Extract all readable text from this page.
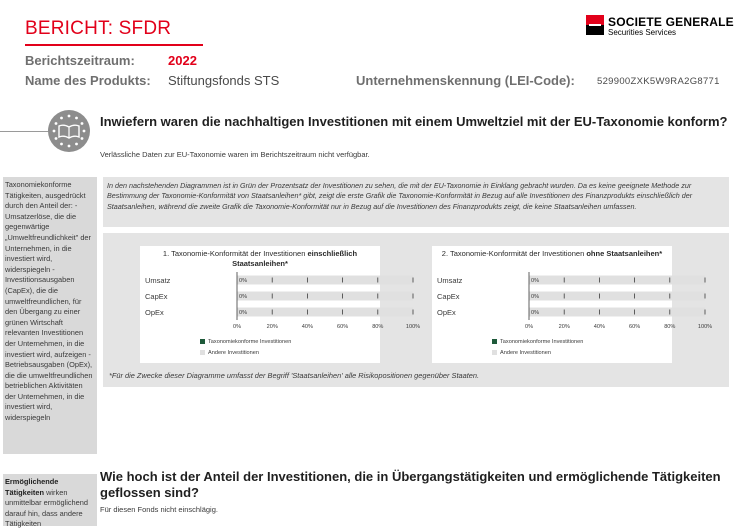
BERICHT: SFDR	SOCIETE GENERALE
Securities Services
Berichtszeitraum:	2022
Name des Produkts: Stiftungsfonds STS	Unternehmenskennung (LEI-Code): 529900ZXK5W9RA2G8771
Inwiefern waren die nachhaltigen Investitionen mit einem Umweltziel mit der EU-Taxonomie konform?
Verlässliche Daten zur EU-Taxonomie waren im Berichtszeitraum nicht verfügbar.
Taxonomiekonforme Tätigkeiten, ausgedrückt durch den Anteil der: - Umsatzerlöse, die die gegenwärtige „Umweltfreundlichkeit" der Unternehmen, in die investiert wird, widerspiegeln - Investitionsausgaben (CapEx), die die umweltfreundlichen, für den Übergang zu einer grünen Wirtschaft relevanten Investitionen der Unternehmen, in die investiert wird, aufzeigen - Betriebsausgaben (OpEx), die die umweltfreundlichen betrieblichen Aktivitäten der Unternehmen, in die investiert wird, widerspiegeln
In den nachstehenden Diagrammen ist in Grün der Prozentsatz der Investitionen zu sehen, die mit der EU-Taxonomie in Einklang gebracht wurden. Da es keine geeignete Methode zur Bestimmung der Taxonomie-Konformität von Staatsanleihen* gibt, zeigt die erste Grafik die Taxonomie-Konformität in Bezug auf alle Investitionen des Finanzprodukts einschließlich der Staatsanleihen, während die zweite Grafik die Taxonomie-Konformität nur in Bezug auf die Investitionen des Finanzprodukts zeigt, die keine Staatsanleihen umfassen.
1. Taxonomie-Konformität der Investitionen einschließlich Staatsanleihen*
Umsatz	0%
CapEx	0%
OpEx	0%
0%	20%	40%	60%	80%	100%
Taxonomiekonforme Investitionen
Andere Investitionen
2. Taxonomie-Konformität der Investitionen ohne Staatsanleihen*
Umsatz	0%
CapEx	0%
OpEx	0%
0%	20%	40%	60%	80%	100%
Taxonomiekonforme Investitionen
Andere Investitionen
*Für die Zwecke dieser Diagramme umfasst der Begriff 'Staatsanleihen' alle Risikopositionen gegenüber Staaten.
Ermöglichende Tätigkeiten wirken unmittelbar ermöglichend darauf hin, dass andere Tätigkeiten
Wie hoch ist der Anteil der Investitionen, die in Übergangstätigkeiten und ermöglichende Tätigkeiten geflossen sind?
Für diesen Fonds nicht einschlägig.
